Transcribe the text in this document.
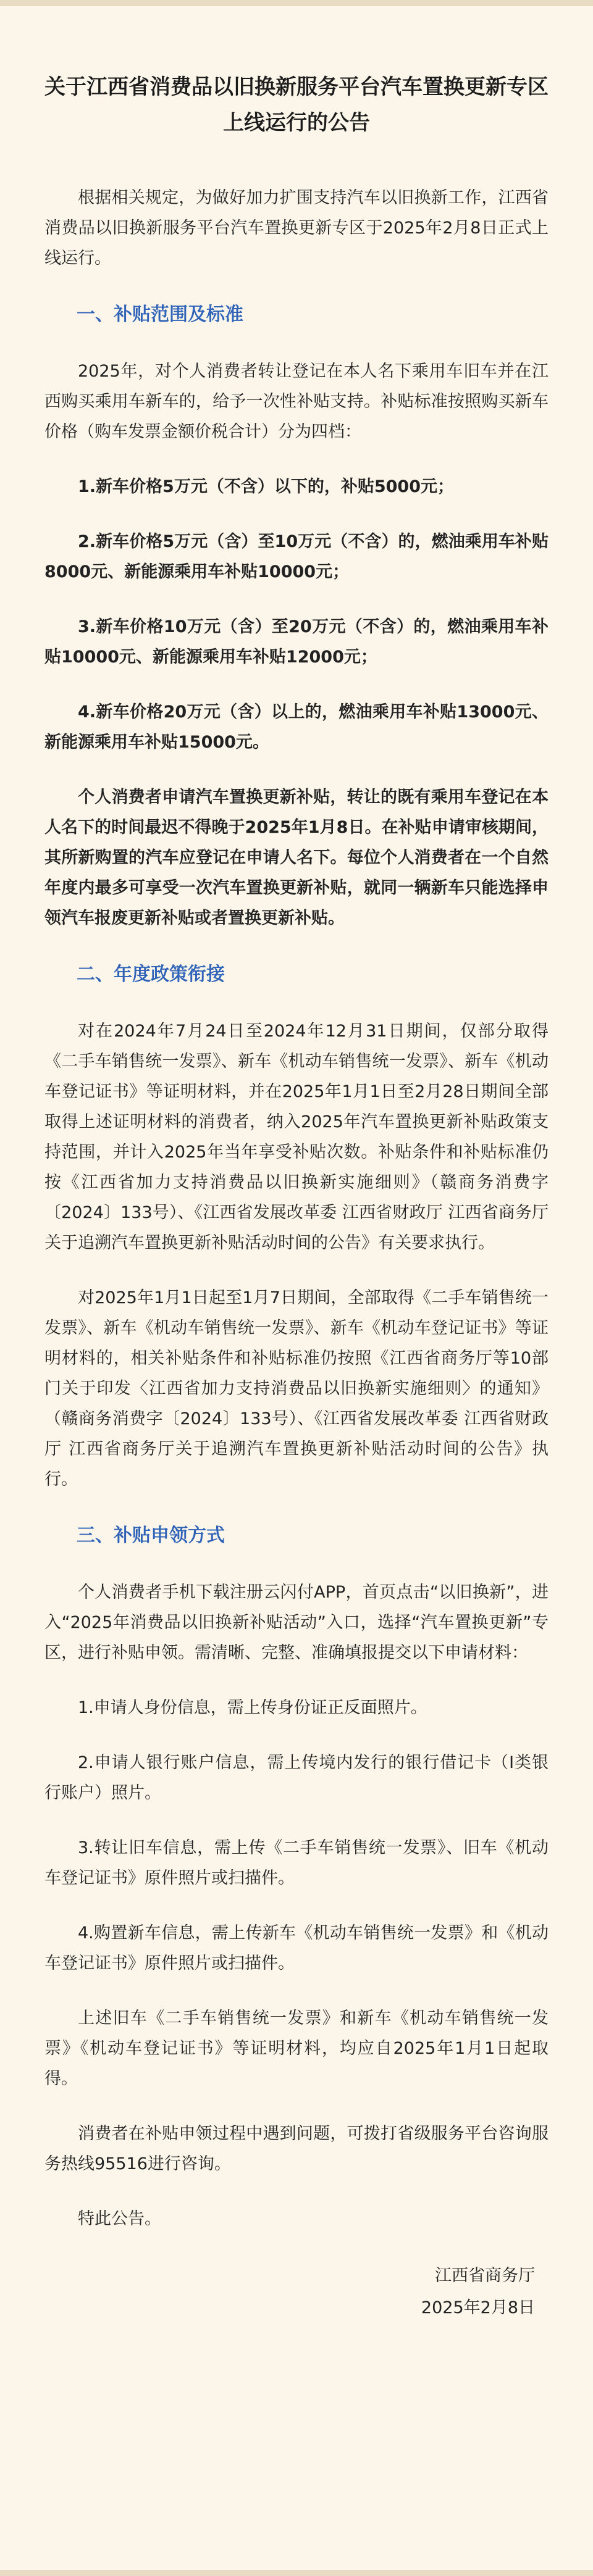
关于江西省消费品以旧换新服务平台汽车置换更新专区
上线运行的公告

根据相关规定，为做好加力扩围支持汽车以旧换新工作，江西省消费品以旧换新服务平台汽车置换更新专区于2025年2月8日正式上线运行。

一、补贴范围及标准

2025年，对个人消费者转让登记在本人名下乘用车旧车并在江西购买乘用车新车的，给予一次性补贴支持。补贴标准按照购买新车价格（购车发票金额价税合计）分为四档：

1.新车价格5万元（不含）以下的，补贴5000元；
2.新车价格5万元（含）至10万元（不含）的，燃油乘用车补贴8000元、新能源乘用车补贴10000元；
3.新车价格10万元（含）至20万元（不含）的，燃油乘用车补贴10000元、新能源乘用车补贴12000元；
4.新车价格20万元（含）以上的，燃油乘用车补贴13000元、新能源乘用车补贴15000元。

个人消费者申请汽车置换更新补贴，转让的既有乘用车登记在本人名下的时间最迟不得晚于2025年1月8日。在补贴申请审核期间，其所新购置的汽车应登记在申请人名下。每位个人消费者在一个自然年度内最多可享受一次汽车置换更新补贴，就同一辆新车只能选择申领汽车报废更新补贴或者置换更新补贴。

二、年度政策衔接

对在2024年7月24日至2024年12月31日期间，仅部分取得《二手车销售统一发票》、新车《机动车销售统一发票》、新车《机动车登记证书》等证明材料，并在2025年1月1日至2月28日期间全部取得上述证明材料的消费者，纳入2025年汽车置换更新补贴政策支持范围，并计入2025年当年享受补贴次数。补贴条件和补贴标准仍按《江西省加力支持消费品以旧换新实施细则》（赣商务消费字〔2024〕133号）、《江西省发展改革委 江西省财政厅 江西省商务厅关于追溯汽车置换更新补贴活动时间的公告》有关要求执行。

对2025年1月1日起至1月7日期间，全部取得《二手车销售统一发票》、新车《机动车销售统一发票》、新车《机动车登记证书》等证明材料的，相关补贴条件和补贴标准仍按照《江西省商务厅等10部门关于印发〈江西省加力支持消费品以旧换新实施细则〉的通知》（赣商务消费字〔2024〕133号）、《江西省发展改革委 江西省财政厅 江西省商务厅关于追溯汽车置换更新补贴活动时间的公告》执行。

三、补贴申领方式

个人消费者手机下载注册云闪付APP，首页点击“以旧换新”，进入“2025年消费品以旧换新补贴活动”入口，选择“汽车置换更新”专区，进行补贴申领。需清晰、完整、准确填报提交以下申请材料：

1.申请人身份信息，需上传身份证正反面照片。
2.申请人银行账户信息，需上传境内发行的银行借记卡（Ⅰ类银行账户）照片。
3.转让旧车信息，需上传《二手车销售统一发票》、旧车《机动车登记证书》原件照片或扫描件。
4.购置新车信息，需上传新车《机动车销售统一发票》和《机动车登记证书》原件照片或扫描件。

上述旧车《二手车销售统一发票》和新车《机动车销售统一发票》《机动车登记证书》等证明材料，均应自2025年1月1日起取得。

消费者在补贴申领过程中遇到问题，可拨打省级服务平台咨询服务热线95516进行咨询。

特此公告。

江西省商务厅
2025年2月8日
